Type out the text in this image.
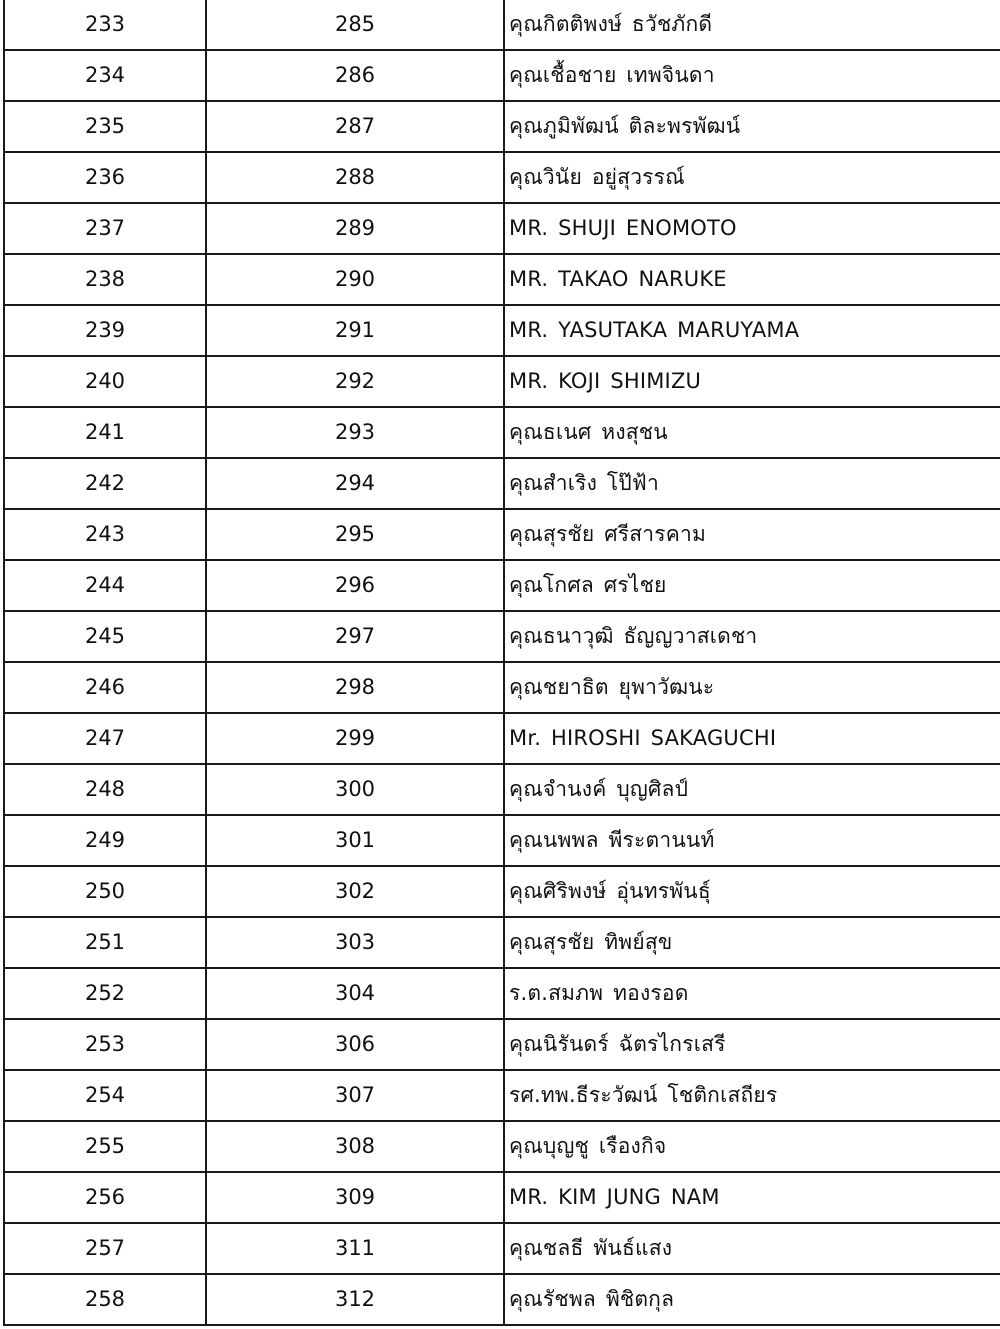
233	285	คุณกิตติพงษ์ ธวัชภักดี
234	286	คุณเชื้อชาย เทพจินดา
235	287	คุณภูมิพัฒน์ ติละพรพัฒน์
236	288	คุณวินัย อยู่สุวรรณ์
237	289	MR. SHUJI ENOMOTO
238	290	MR. TAKAO NARUKE
239	291	MR. YASUTAKA MARUYAMA
240	292	MR. KOJI SHIMIZU
241	293	คุณธเนศ หงสุชน
242	294	คุณสำเริง โป๊ฟ้า
243	295	คุณสุรชัย ศรีสารคาม
244	296	คุณโกศล ศรไชย
245	297	คุณธนาวุฒิ ธัญญวาสเดชา
246	298	คุณชยาธิต ยุพาวัฒนะ
247	299	Mr. HIROSHI SAKAGUCHI
248	300	คุณจำนงค์ บุญศิลป์
249	301	คุณนพพล พีระตานนท์
250	302	คุณศิริพงษ์ อุ่นทรพันธุ์
251	303	คุณสุรชัย ทิพย์สุข
252	304	ร.ต.สมภพ ทองรอด
253	306	คุณนิรันดร์ ฉัตรไกรเสรี
254	307	รศ.ทพ.ธีระวัฒน์ โชติกเสถียร
255	308	คุณบุญชู เรืองกิจ
256	309	MR. KIM JUNG NAM
257	311	คุณชลธี พันธ์แสง
258	312	คุณรัชพล พิชิตกุล
